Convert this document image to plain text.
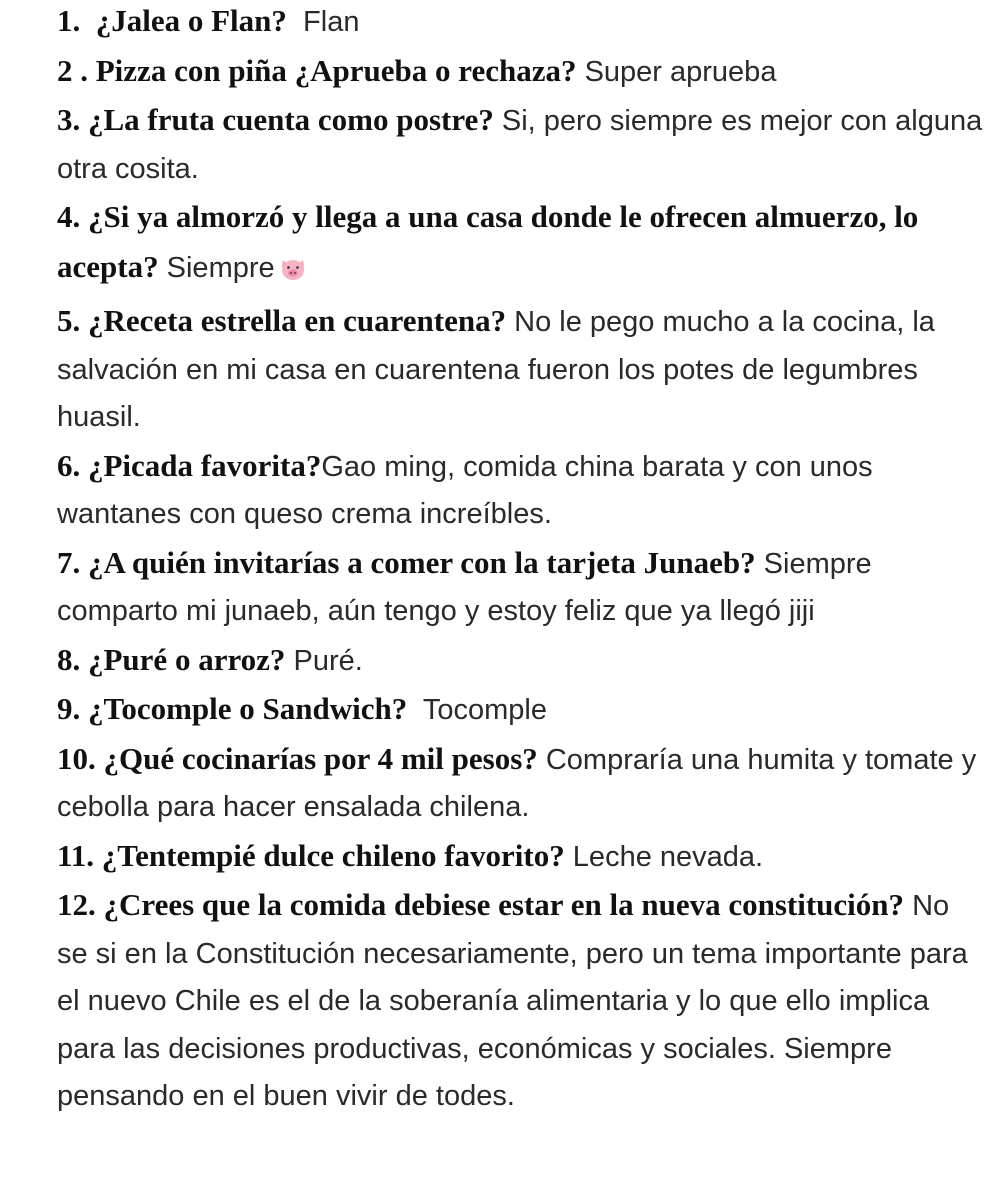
1.  ¿Jalea o Flan?  Flan

2 . Pizza con piña ¿Aprueba o rechaza? Super aprueba

3. ¿La fruta cuenta como postre? Si, pero siempre es mejor con alguna otra cosita.

4. ¿Si ya almorzó y llega a una casa donde le ofrecen almuerzo, lo acepta? Siempre

5. ¿Receta estrella en cuarentena? No le pego mucho a la cocina, la salvación en mi casa en cuarentena fueron los potes de legumbres huasil.

6. ¿Picada favorita?Gao ming, comida china barata y con unos wantanes con queso crema increíbles.

7. ¿A quién invitarías a comer con la tarjeta Junaeb? Siempre comparto mi junaeb, aún tengo y estoy feliz que ya llegó jiji

8. ¿Puré o arroz? Puré.

9. ¿Tocomple o Sandwich?  Tocomple

10. ¿Qué cocinarías por 4 mil pesos? Compraría una humita y tomate y cebolla para hacer ensalada chilena.

11. ¿Tentempié dulce chileno favorito? Leche nevada.

12. ¿Crees que la comida debiese estar en la nueva constitución? No se si en la Constitución necesariamente, pero un tema importante para el nuevo Chile es el de la soberanía alimentaria y lo que ello implica para las decisiones productivas, económicas y sociales. Siempre pensando en el buen vivir de todes.
